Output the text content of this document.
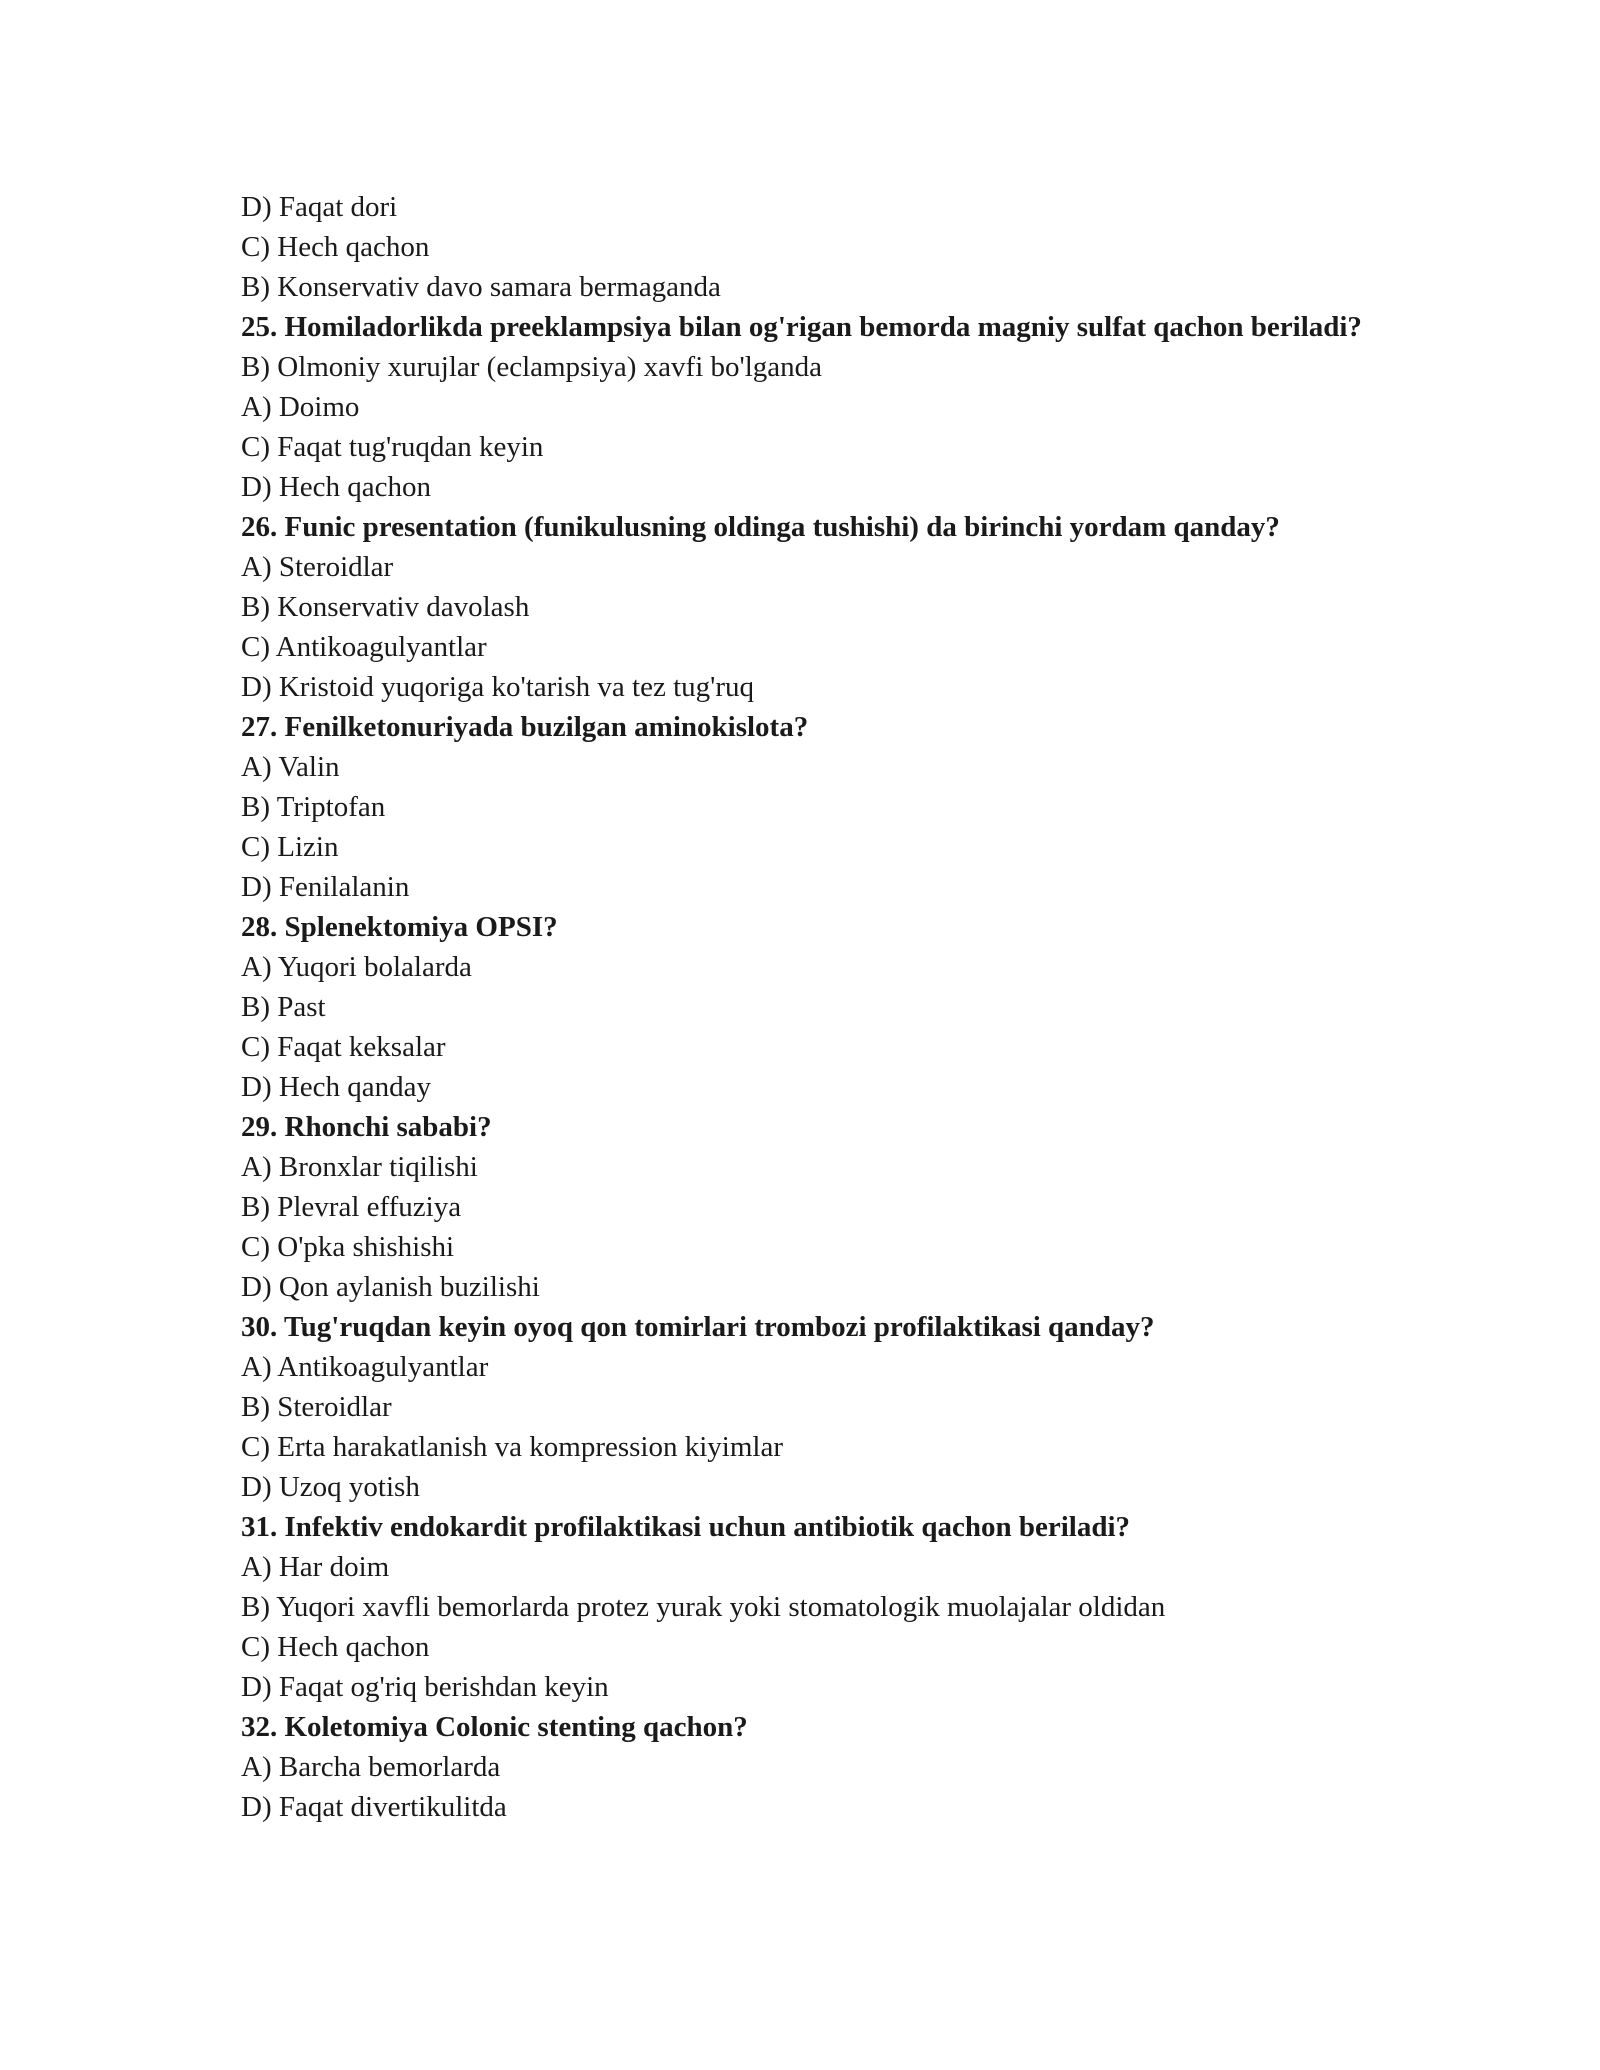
D) Faqat dori
C) Hech qachon
B) Konservativ davo samara bermaganda
25. Homiladorlikda preeklampsiya bilan og'rigan bemorda magniy sulfat qachon beriladi?
B) Olmoniy xurujlar (eclampsiya) xavfi bo'lganda
A) Doimo
C) Faqat tug'ruqdan keyin
D) Hech qachon
26. Funic presentation (funikulusning oldinga tushishi) da birinchi yordam qanday?
A) Steroidlar
B) Konservativ davolash
C) Antikoagulyantlar
D) Kristoid yuqoriga ko'tarish va tez tug'ruq
27. Fenilketonuriyada buzilgan aminokislota?
A) Valin
B) Triptofan
C) Lizin
D) Fenilalanin
28. Splenektomiya OPSI?
A) Yuqori bolalarda
B) Past
C) Faqat keksalar
D) Hech qanday
29. Rhonchi sababi?
A) Bronxlar tiqilishi
B) Plevral effuziya
C) O'pka shishishi
D) Qon aylanish buzilishi
30. Tug'ruqdan keyin oyoq qon tomirlari trombozi profilaktikasi qanday?
A) Antikoagulyantlar
B) Steroidlar
C) Erta harakatlanish va kompression kiyimlar
D) Uzoq yotish
31. Infektiv endokardit profilaktikasi uchun antibiotik qachon beriladi?
A) Har doim
B) Yuqori xavfli bemorlarda protez yurak yoki stomatologik muolajalar oldidan
C) Hech qachon
D) Faqat og'riq berishdan keyin
32. Koletomiya Colonic stenting qachon?
A) Barcha bemorlarda
D) Faqat divertikulitda
